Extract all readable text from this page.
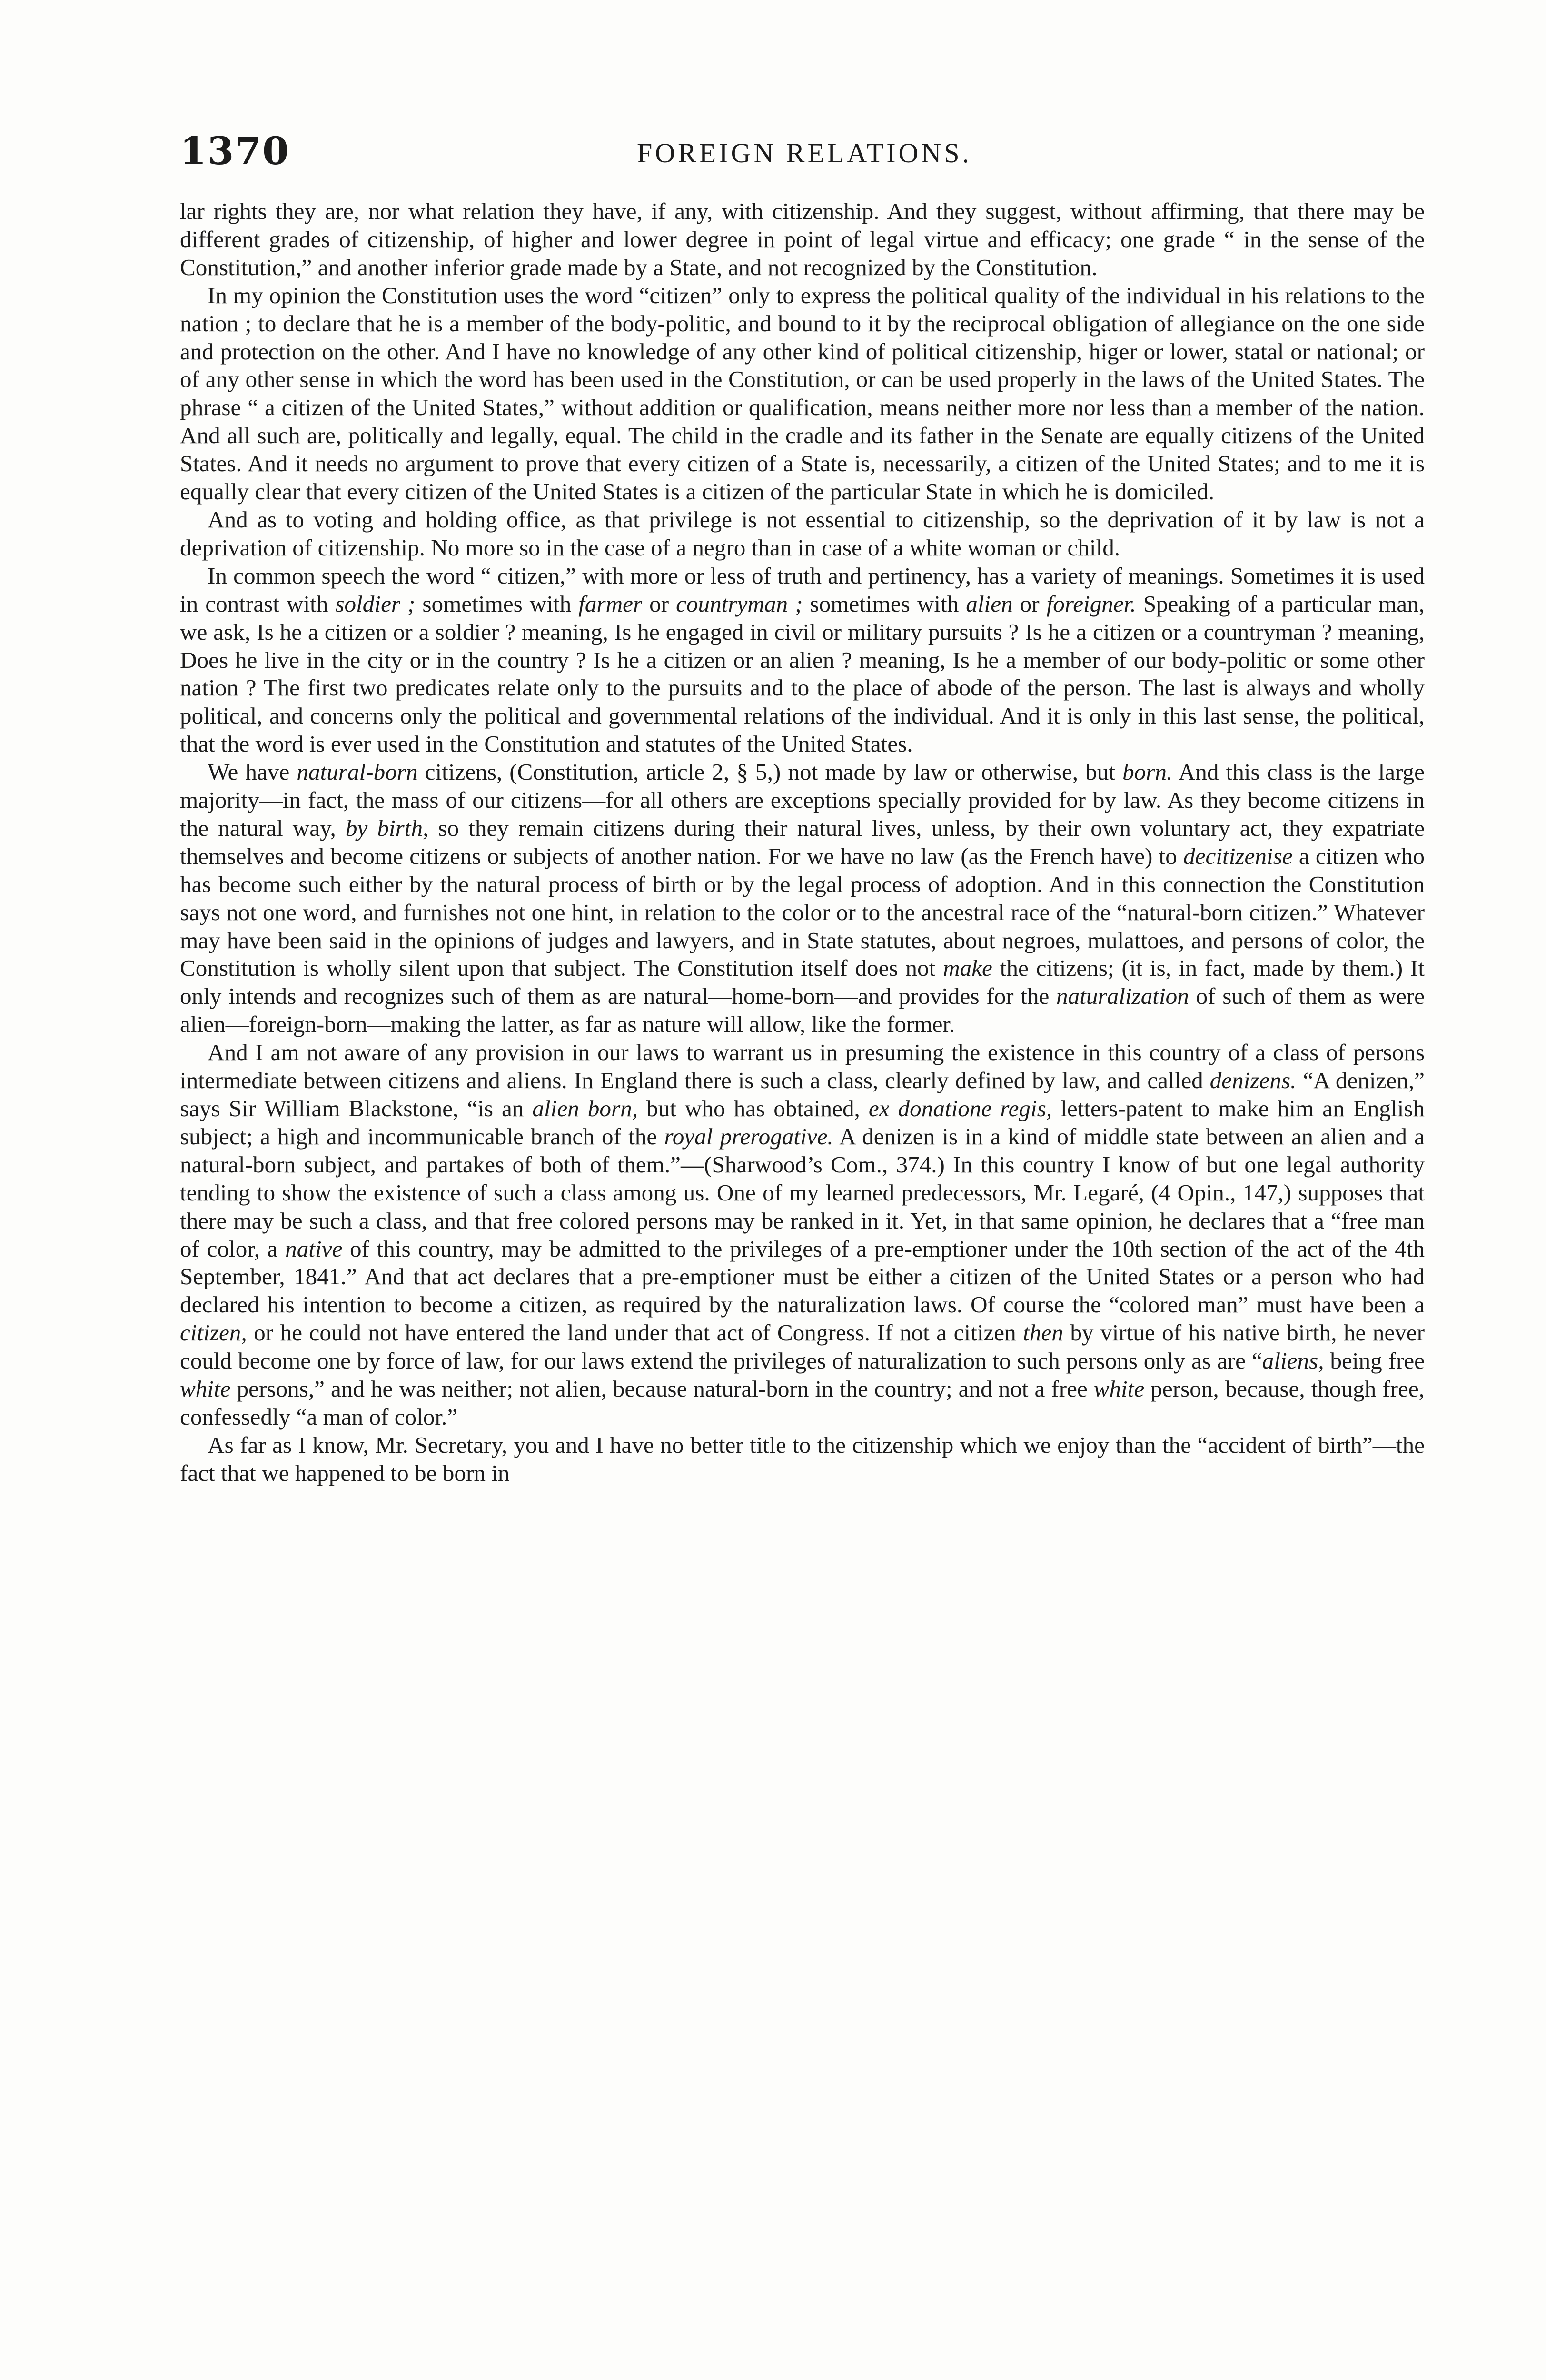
1370	FOREIGN RELATIONS.

lar rights they are, nor what relation they have, if any, with citizenship. And they suggest, without affirming, that there may be different grades of citizenship, of higher and lower degree in point of legal virtue and efficacy; one grade “ in the sense of the Constitution,” and another inferior grade made by a State, and not recognized by the Constitution.

In my opinion the Constitution uses the word “citizen” only to express the political quality of the individual in his relations to the nation ; to declare that he is a member of the body-politic, and bound to it by the reciprocal obligation of allegiance on the one side and protection on the other. And I have no knowledge of any other kind of political citizenship, higer or lower, statal or national; or of any other sense in which the word has been used in the Constitution, or can be used properly in the laws of the United States. The phrase “ a citizen of the United States,” without addition or qualification, means neither more nor less than a member of the nation. And all such are, politically and legally, equal. The child in the cradle and its father in the Senate are equally citizens of the United States. And it needs no argument to prove that every citizen of a State is, necessarily, a citizen of the United States; and to me it is equally clear that every citizen of the United States is a citizen of the particular State in which he is domiciled.

And as to voting and holding office, as that privilege is not essential to citizenship, so the deprivation of it by law is not a deprivation of citizenship. No more so in the case of a negro than in case of a white woman or child.

In common speech the word “ citizen,” with more or less of truth and pertinency, has a variety of meanings. Sometimes it is used in contrast with soldier ; sometimes with farmer or countryman ; sometimes with alien or foreigner. Speaking of a particular man, we ask, Is he a citizen or a soldier ? meaning, Is he engaged in civil or military pursuits ? Is he a citizen or a countryman ? meaning, Does he live in the city or in the country ? Is he a citizen or an alien ? meaning, Is he a member of our body-politic or some other nation ? The first two predicates relate only to the pursuits and to the place of abode of the person. The last is always and wholly political, and concerns only the political and governmental relations of the individual. And it is only in this last sense, the political, that the word is ever used in the Constitution and statutes of the United States.

We have natural-born citizens, (Constitution, article 2, § 5,) not made by law or otherwise, but born. And this class is the large majority—in fact, the mass of our citizens—for all others are exceptions specially provided for by law. As they become citizens in the natural way, by birth, so they remain citizens during their natural lives, unless, by their own voluntary act, they expatriate themselves and become citizens or subjects of another nation. For we have no law (as the French have) to decitizenise a citizen who has become such either by the natural process of birth or by the legal process of adoption. And in this connection the Constitution says not one word, and furnishes not one hint, in relation to the color or to the ancestral race of the “natural-born citizen.” Whatever may have been said in the opinions of judges and lawyers, and in State statutes, about negroes, mulattoes, and persons of color, the Constitution is wholly silent upon that subject. The Constitution itself does not make the citizens; (it is, in fact, made by them.) It only intends and recognizes such of them as are natural—home-born—and provides for the naturalization of such of them as were alien—foreign-born—making the latter, as far as nature will allow, like the former.

And I am not aware of any provision in our laws to warrant us in presuming the existence in this country of a class of persons intermediate between citizens and aliens. In England there is such a class, clearly defined by law, and called denizens. “A denizen,” says Sir William Blackstone, “is an alien born, but who has obtained, ex donatione regis, letters-patent to make him an English subject; a high and incommunicable branch of the royal prerogative. A denizen is in a kind of middle state between an alien and a natural-born subject, and partakes of both of them.”—(Sharwood’s Com., 374.) In this country I know of but one legal authority tending to show the existence of such a class among us. One of my learned predecessors, Mr. Legaré, (4 Opin., 147,) supposes that there may be such a class, and that free colored persons may be ranked in it. Yet, in that same opinion, he declares that a “free man of color, a native of this country, may be admitted to the privileges of a pre-emptioner under the 10th section of the act of the 4th September, 1841.” And that act declares that a pre-emptioner must be either a citizen of the United States or a person who had declared his intention to become a citizen, as required by the naturalization laws. Of course the “colored man” must have been a citizen, or he could not have entered the land under that act of Congress. If not a citizen then by virtue of his native birth, he never could become one by force of law, for our laws extend the privileges of naturalization to such persons only as are “aliens, being free white persons,” and he was neither; not alien, because natural-born in the country; and not a free white person, because, though free, confessedly “a man of color.”

As far as I know, Mr. Secretary, you and I have no better title to the citizenship which we enjoy than the “accident of birth”—the fact that we happened to be born in
